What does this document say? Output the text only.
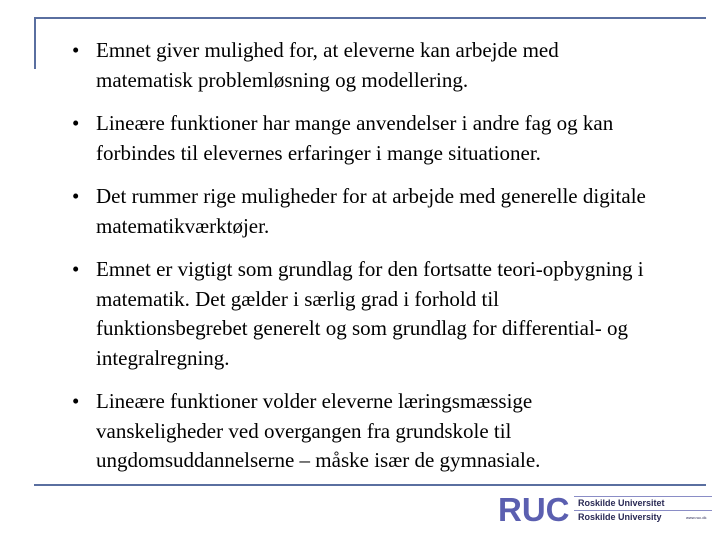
• Emnet giver mulighed for, at eleverne kan arbejde med matematisk problemløsning og modellering.
• Lineære funktioner har mange anvendelser i andre fag og kan forbindes til elevernes erfaringer i mange situationer.
• Det rummer rige muligheder for at arbejde med generelle digitale matematikværktøjer.
• Emnet er vigtigt som grundlag for den fortsatte teori-opbygning i matematik. Det gælder i særlig grad i forhold til funktionsbegrebet generelt og som grundlag for differential- og integralregning.
• Lineære funktioner volder eleverne læringsmæssige vanskeligheder ved overgangen fra grundskole til ungdomsuddannelserne – måske især de gymnasiale.
RUC Roskilde Universitet
Roskilde University	www.ruc.dk
